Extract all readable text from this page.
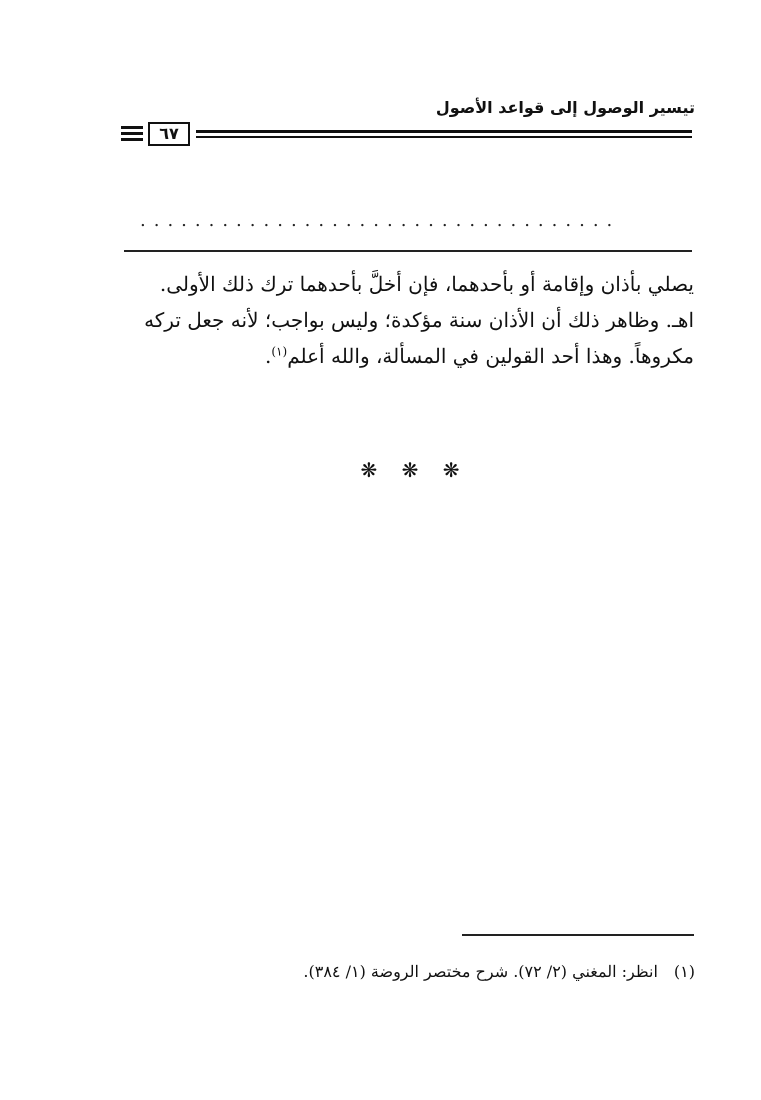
تيسير الوصول إلى قواعد الأصول
٦٧
...................................

يصلي بأذان وإقامة أو بأحدهما، فإن أخلَّ بأحدهما ترك ذلك الأولى.

اهـ. وظاهر ذلك أن الأذان سنة مؤكدة؛ وليس بواجب؛ لأنه جعل تركه

مكروهاً. وهذا أحد القولين في المسألة، والله أعلم$^{(١)}$.

❋ ❋ ❋
(١)انظر: المغني (٢/ ٧٢). شرح مختصر الروضة (١/ ٣٨٤).
